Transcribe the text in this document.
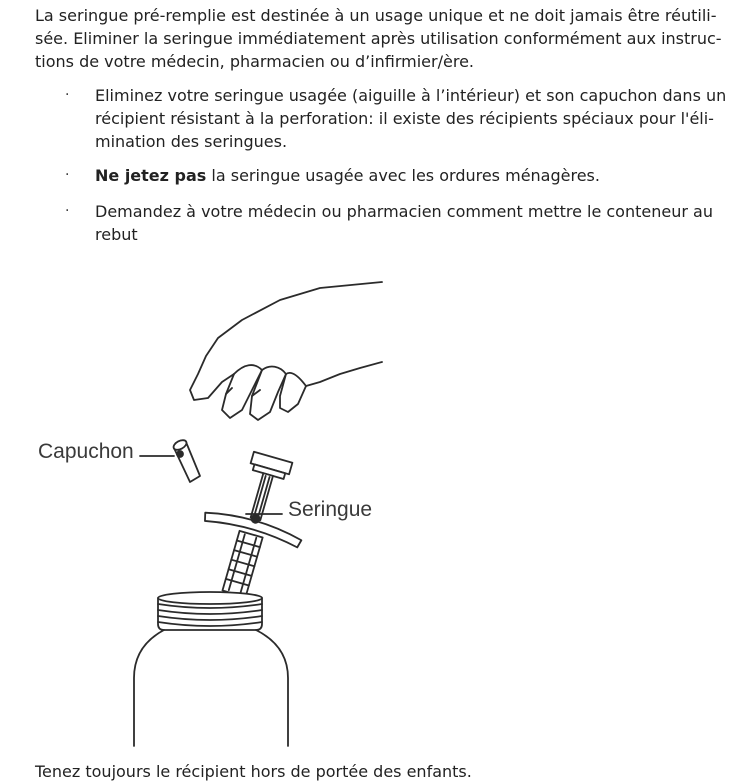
La seringue pré-remplie est destinée à un usage unique et ne doit jamais être réutili-sée. Eliminer la seringue immédiatement après utilisation conformément aux instruc-tions de votre médecin, pharmacien ou d’infirmier/ère.

· Eliminez votre seringue usagée (aiguille à l’intérieur) et son capuchon dans un récipient résistant à la perforation: il existe des récipients spéciaux pour l'éli-mination des seringues.
· Ne jetez pas la seringue usagée avec les ordures ménagères.
· Demandez à votre médecin ou pharmacien comment mettre le conteneur au rebut
Capuchon
Seringue

Tenez toujours le récipient hors de portée des enfants.
